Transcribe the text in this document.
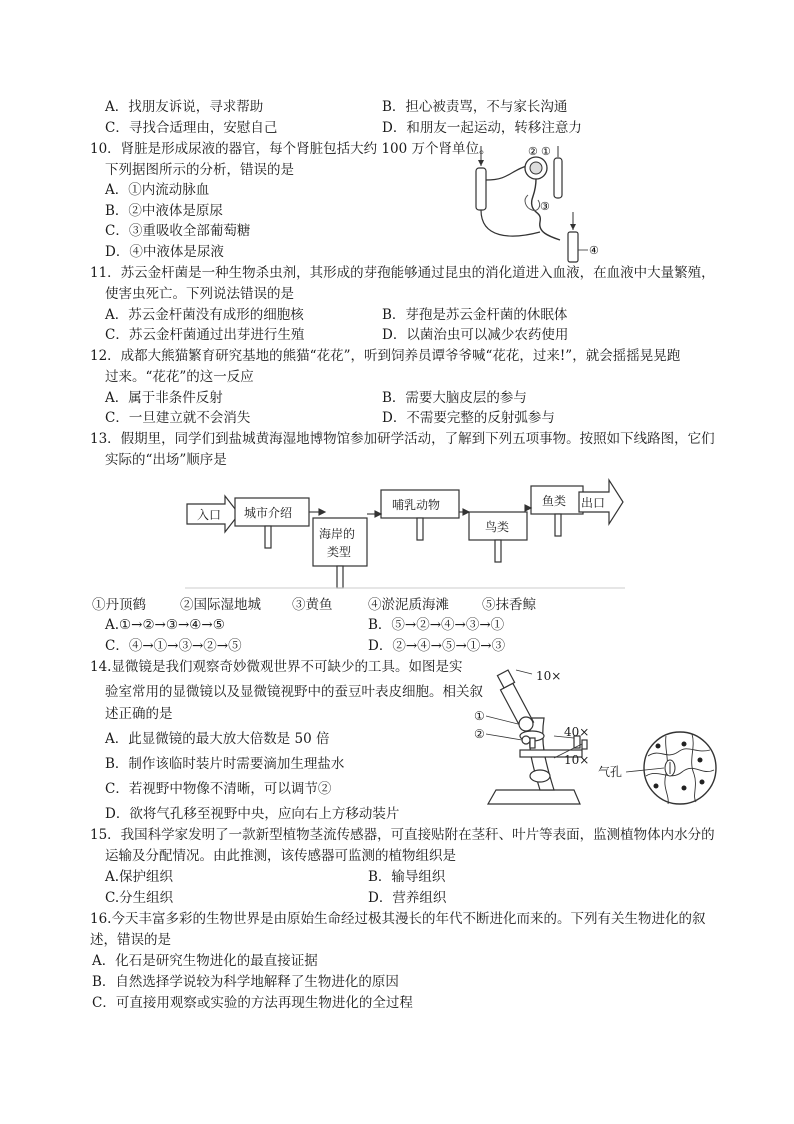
A．找朋友诉说，寻求帮助	B．担心被责骂，不与家长沟通
C．寻找合适理由，安慰自己	D．和朋友一起运动，转移注意力
10．肾脏是形成尿液的器官，每个肾脏包括大约 100 万个肾单位。
下列据图所示的分析，错误的是
A．①内流动脉血
B．②中液体是原尿
C．③重吸收全部葡萄糖
D．④中液体是尿液
② ①
③
④
11．苏云金杆菌是一种生物杀虫剂，其形成的芽孢能够通过昆虫的消化道进入血液，在血液中大量繁殖，
使害虫死亡。下列说法错误的是
A．苏云金杆菌没有成形的细胞核	B．芽孢是苏云金杆菌的休眠体
C．苏云金杆菌通过出芽进行生殖	D．以菌治虫可以减少农药使用
12．成都大熊猫繁育研究基地的熊猫“花花”，听到饲养员谭爷爷喊“花花，过来!”，就会摇摇晃晃跑
过来。“花花”的这一反应
A．属于非条件反射	B．需要大脑皮层的参与
C．一旦建立就不会消失	D．不需要完整的反射弧参与
13．假期里，同学们到盐城黄海湿地博物馆参加研学活动，了解到下列五项事物。按照如下线路图，它们
实际的“出场”顺序是
入口 城市介绍
海岸的
类型
哺乳动物
鸟类
鱼类 出口
①丹顶鹤	②国际湿地城 ③黄鱼	④淤泥质海滩 ⑤抹香鲸
A.①→②→③→④→⑤	B．⑤→②→④→③→①
C．④→①→③→②→⑤	D．②→④→⑤→①→③
14.显微镜是我们观察奇妙微观世界不可缺少的工具。如图是实
验室常用的显微镜以及显微镜视野中的蚕豆叶表皮细胞。相关叙
述正确的是
A．此显微镜的最大放大倍数是 50 倍
B．制作该临时装片时需要滴加生理盐水
C．若视野中物像不清晰，可以调节②
D．欲将气孔移至视野中央，应向右上方移动装片
①
②
10×
40×
10×
气孔
15．我国科学家发明了一款新型植物茎流传感器，可直接贴附在茎秆、叶片等表面，监测植物体内水分的
运输及分配情况。由此推测，该传感器可监测的植物组织是
A.保护组织	B．输导组织
C.分生组织	D．营养组织
16.今天丰富多彩的生物世界是由原始生命经过极其漫长的年代不断进化而来的。下列有关生物进化的叙
述，错误的是
A．化石是研究生物进化的最直接证据
B．自然选择学说较为科学地解释了生物进化的原因
C．可直接用观察或实验的方法再现生物进化的全过程
